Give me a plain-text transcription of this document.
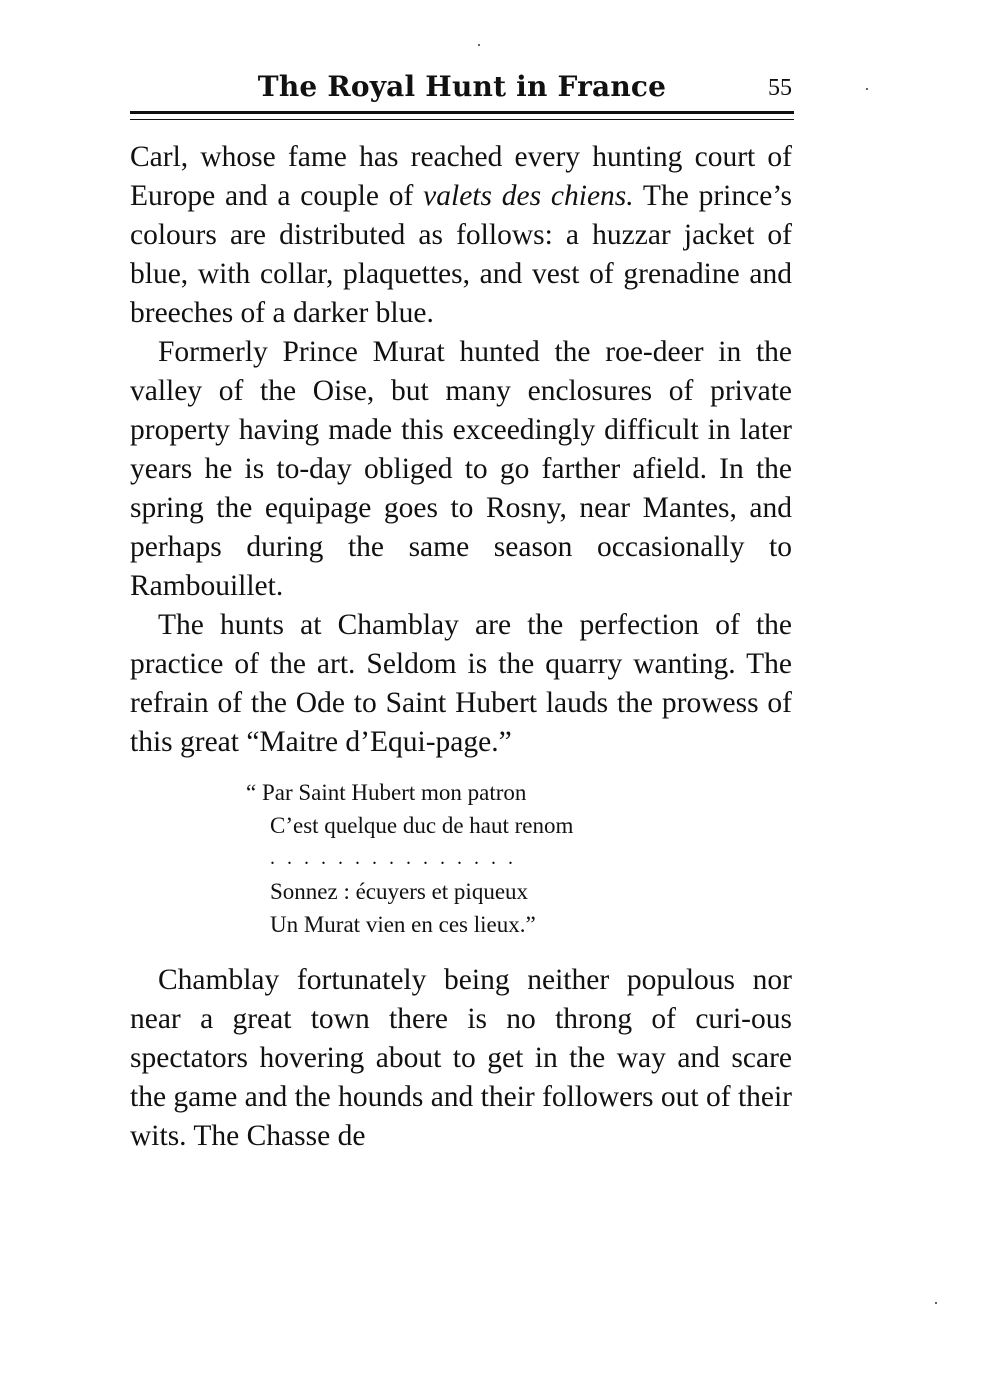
The Royal Hunt in France	55

Carl, whose fame has reached every hunting court of Europe and a couple of valets des chiens. The prince’s colours are distributed as follows: a huzzar jacket of blue, with collar, plaquettes, and vest of grenadine and breeches of a darker blue.

Formerly Prince Murat hunted the roe-deer in the valley of the Oise, but many enclosures of private property having made this exceedingly difficult in later years he is to-day obliged to go farther afield. In the spring the equipage goes to Rosny, near Mantes, and perhaps during the same season occasionally to Rambouillet.

The hunts at Chamblay are the perfection of the practice of the art. Seldom is the quarry wanting. The refrain of the Ode to Saint Hubert lauds the prowess of this great “Maitre d’Equi-page.”

“ Par Saint Hubert mon patron
C’est quelque duc de haut renom
...............
Sonnez : écuyers et piqueux
Un Murat vien en ces lieux.”

Chamblay fortunately being neither populous nor near a great town there is no throng of curi-ous spectators hovering about to get in the way and scare the game and the hounds and their followers out of their wits. The Chasse de
